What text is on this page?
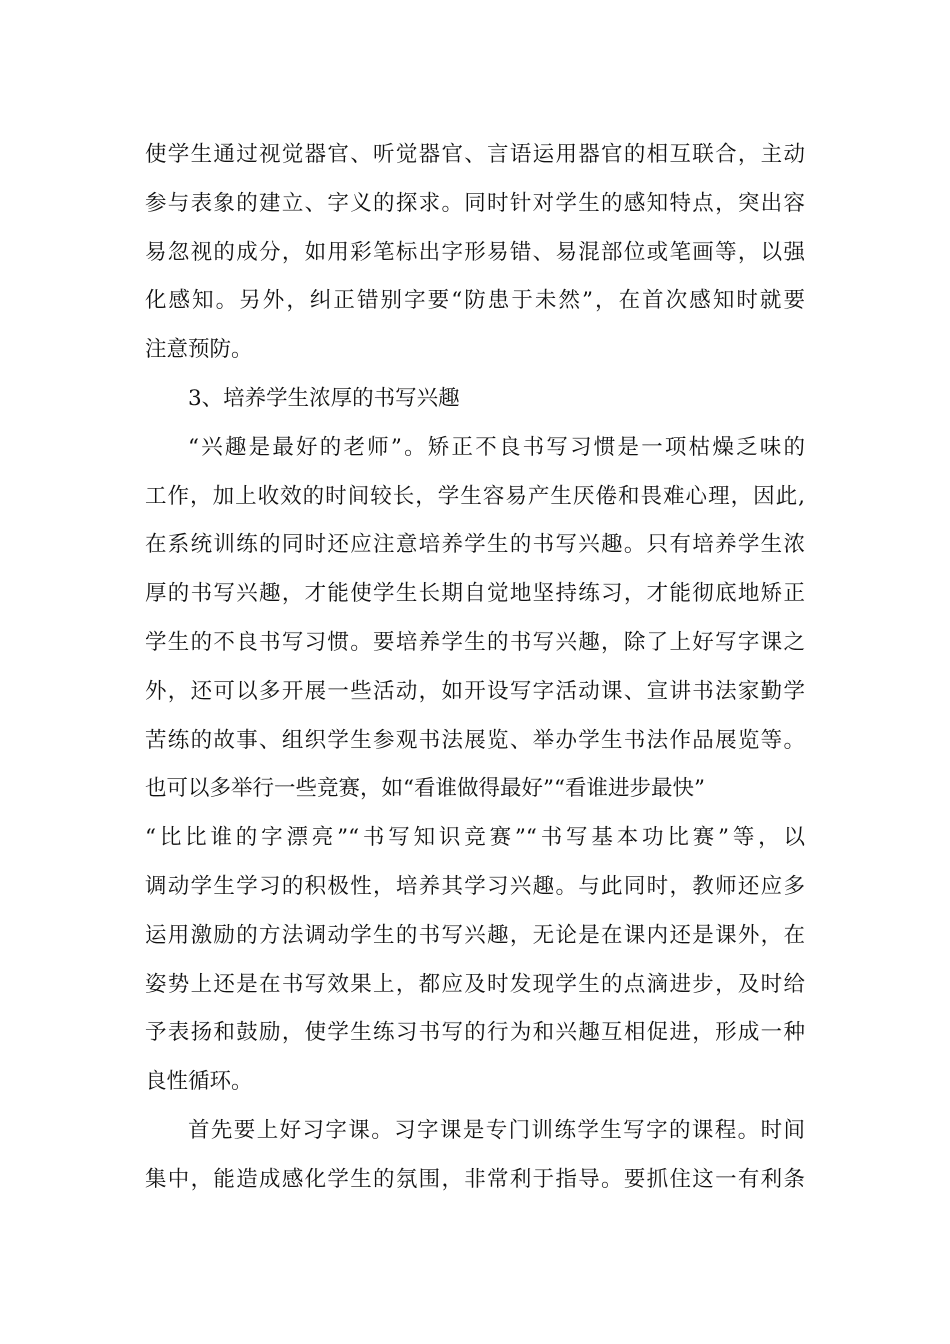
使学生通过视觉器官、听觉器官、言语运用器官的相互联合，主动
参与表象的建立、字义的探求。同时针对学生的感知特点，突出容
易忽视的成分，如用彩笔标出字形易错、易混部位或笔画等，以强
化感知。另外，纠正错别字要“防患于未然”，在首次感知时就要
注意预防。
3、培养学生浓厚的书写兴趣
“兴趣是最好的老师”。矫正不良书写习惯是一项枯燥乏味的
工作，加上收效的时间较长，学生容易产生厌倦和畏难心理，因此,
在系统训练的同时还应注意培养学生的书写兴趣。只有培养学生浓
厚的书写兴趣，才能使学生长期自觉地坚持练习，才能彻底地矫正
学生的不良书写习惯。要培养学生的书写兴趣，除了上好写字课之
外，还可以多开展一些活动，如开设写字活动课、宣讲书法家勤学
苦练的故事、组织学生参观书法展览、举办学生书法作品展览等。
也可以多举行一些竞赛，如“看谁做得最好”“看谁进步最快”
“比比谁的字漂亮”“书写知识竞赛”“书写基本功比赛”等，以
调动学生学习的积极性，培养其学习兴趣。与此同时，教师还应多
运用激励的方法调动学生的书写兴趣，无论是在课内还是课外，在
姿势上还是在书写效果上，都应及时发现学生的点滴进步，及时给
予表扬和鼓励，使学生练习书写的行为和兴趣互相促进，形成一种
良性循环。
首先要上好习字课。习字课是专门训练学生写字的课程。时间
集中，能造成感化学生的氛围，非常利于指导。要抓住这一有利条
